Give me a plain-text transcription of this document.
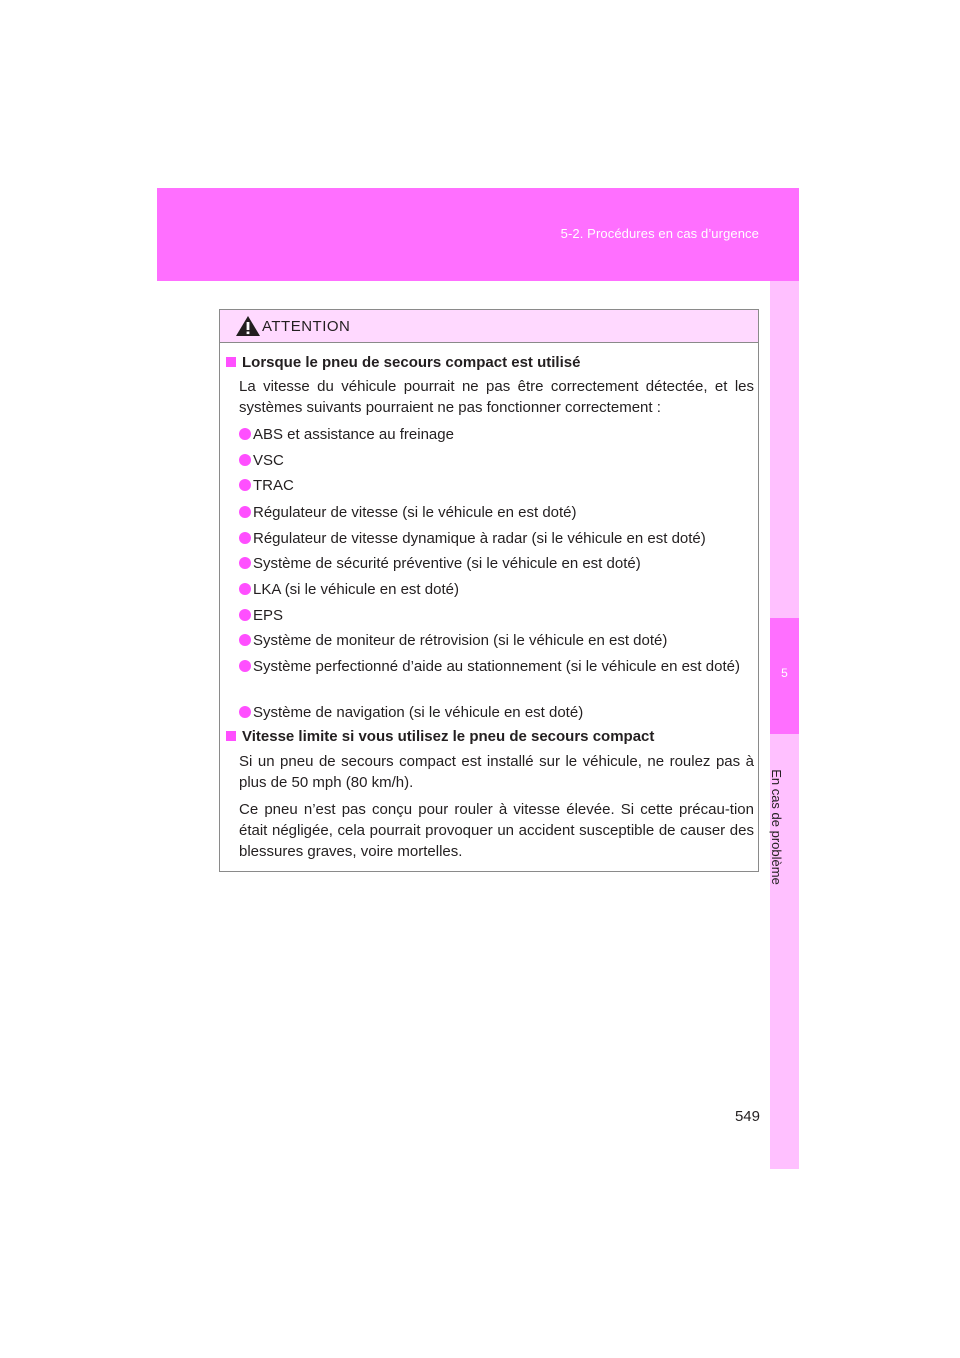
5-2. Procédures en cas d’urgence
5
En cas de problème
ATTENTION
Lorsque le pneu de secours compact est utilisé
La vitesse du véhicule pourrait ne pas être correctement détectée, et les systèmes suivants pourraient ne pas fonctionner correctement :
ABS et assistance au freinage
VSC
TRAC
Régulateur de vitesse (si le véhicule en est doté)
Régulateur de vitesse dynamique à radar (si le véhicule en est doté)
Système de sécurité préventive (si le véhicule en est doté)
LKA (si le véhicule en est doté)
EPS
Système de moniteur de rétrovision (si le véhicule en est doté)
Système perfectionné d’aide au stationnement (si le véhicule en est doté)
Système de navigation (si le véhicule en est doté)
Vitesse limite si vous utilisez le pneu de secours compact
Si un pneu de secours compact est installé sur le véhicule, ne roulez pas à plus de 50 mph (80 km/h).
Ce pneu n’est pas conçu pour rouler à vitesse élevée. Si cette précau-tion était négligée, cela pourrait provoquer un accident susceptible de causer des blessures graves, voire mortelles.
549
